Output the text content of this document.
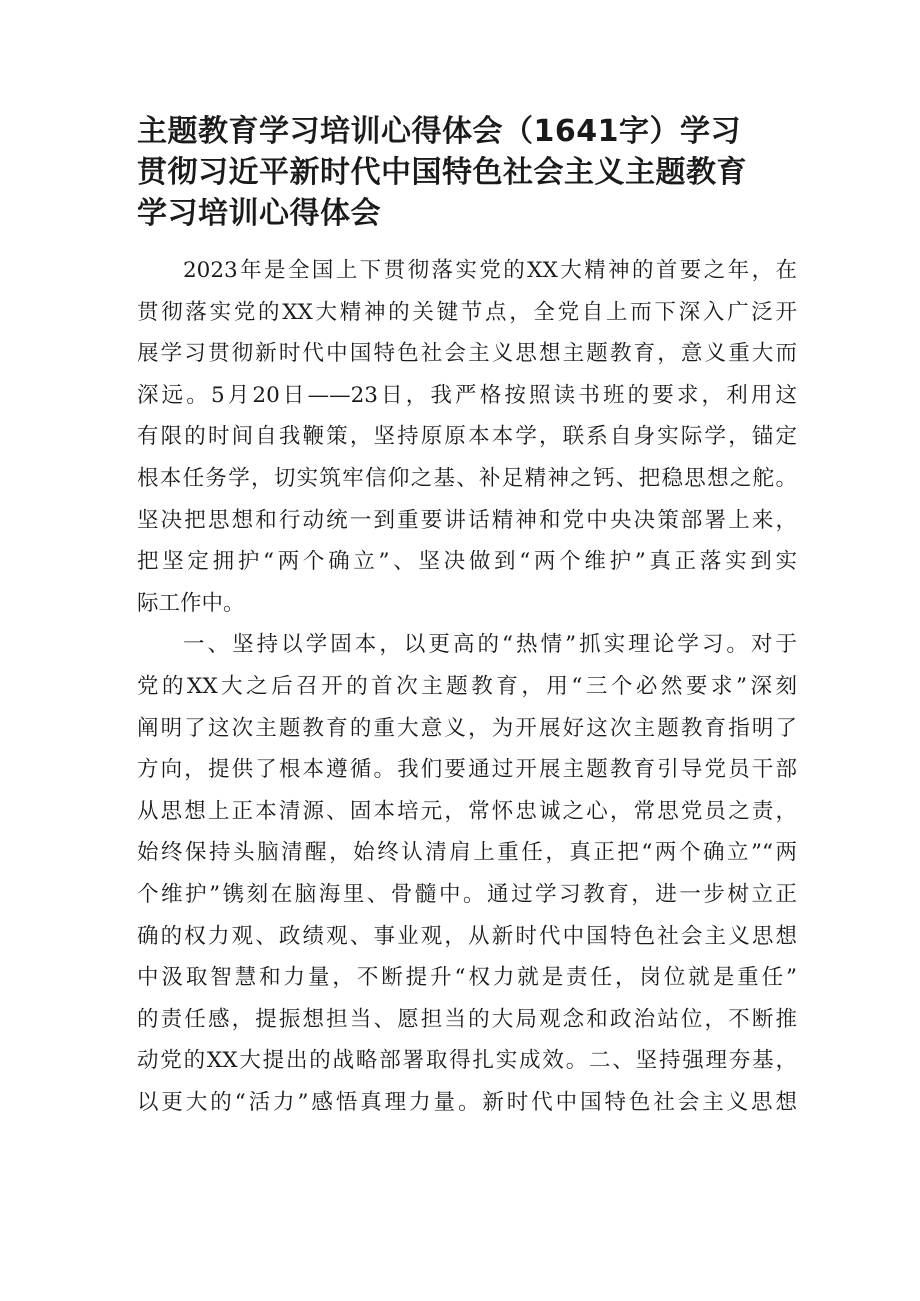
主题教育学习培训心得体会（1641字）学习
贯彻习近平新时代中国特色社会主义主题教育
学习培训心得体会
2023年是全国上下贯彻落实党的XX大精神的首要之年，在
贯彻落实党的XX大精神的关键节点，全党自上而下深入广泛开
展学习贯彻新时代中国特色社会主义思想主题教育，意义重大而
深远。5月20日——23日，我严格按照读书班的要求，利用这
有限的时间自我鞭策，坚持原原本本学，联系自身实际学，锚定
根本任务学，切实筑牢信仰之基、补足精神之钙、把稳思想之舵。
坚决把思想和行动统一到重要讲话精神和党中央决策部署上来，
把坚定拥护“两个确立”、坚决做到“两个维护”真正落实到实
际工作中。
一、坚持以学固本，以更高的“热情”抓实理论学习。对于
党的XX大之后召开的首次主题教育，用“三个必然要求”深刻
阐明了这次主题教育的重大意义，为开展好这次主题教育指明了
方向，提供了根本遵循。我们要通过开展主题教育引导党员干部
从思想上正本清源、固本培元，常怀忠诚之心，常思党员之责，
始终保持头脑清醒，始终认清肩上重任，真正把“两个确立”“两
个维护”镌刻在脑海里、骨髓中。通过学习教育，进一步树立正
确的权力观、政绩观、事业观，从新时代中国特色社会主义思想
中汲取智慧和力量，不断提升“权力就是责任，岗位就是重任”
的责任感，提振想担当、愿担当的大局观念和政治站位，不断推
动党的XX大提出的战略部署取得扎实成效。二、坚持强理夯基，
以更大的“活力”感悟真理力量。新时代中国特色社会主义思想
